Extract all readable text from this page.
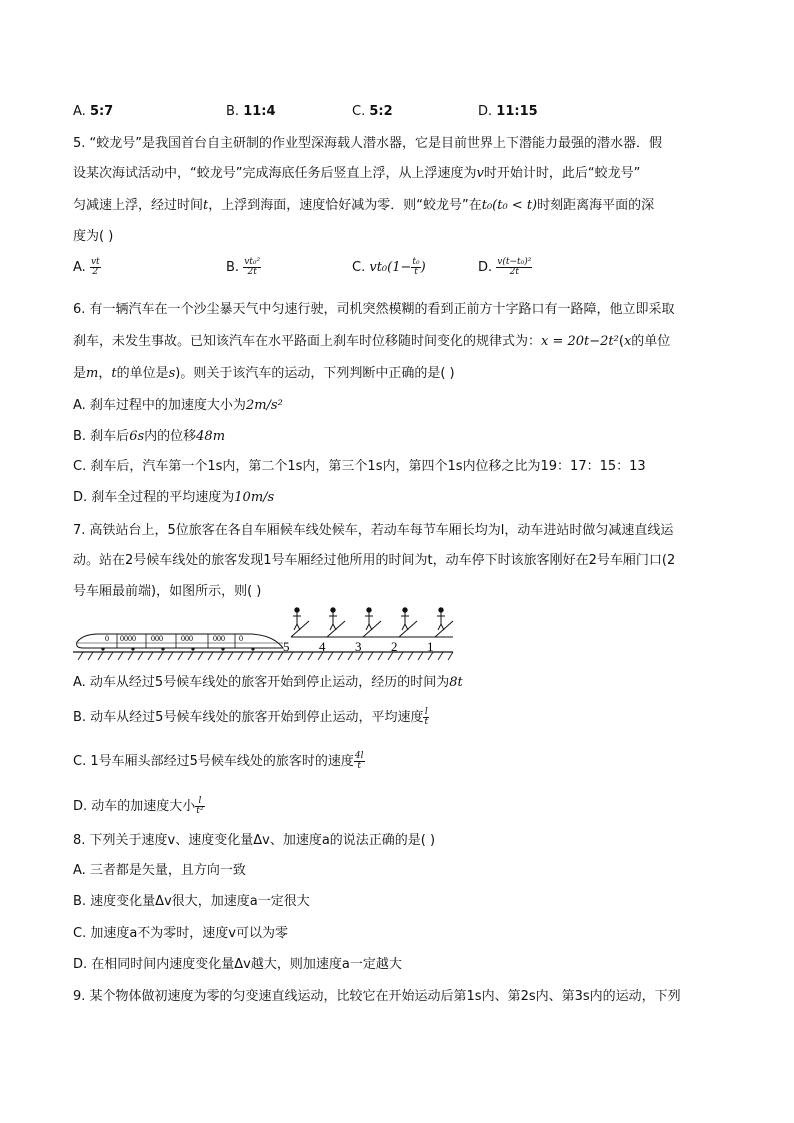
A. 5:7	B. 11:4	C. 5:2	D. 11:15
5. “蛟龙号”是我国首台自主研制的作业型深海载人潜水器，它是目前世界上下潜能力最强的潜水器．假
设某次海试活动中，“蛟龙号”完成海底任务后竖直上浮，从上浮速度为v时开始计时，此后“蛟龙号”
匀减速上浮，经过时间t，上浮到海面，速度恰好减为零．则“蛟龙号”在t₀(t₀ < t)时刻距离海平面的深
度为( )
A. $\frac{vt}{2}$	B. $\frac{\text{vt₀²}}{2t}$	C. $vt_0(1- \frac{\text{t₀}}{t}$ )	D. $\frac{\text{v(t−t₀)²}}{2t}$
6. 有一辆汽车在一个沙尘暴天气中匀速行驶，司机突然模糊的看到正前方十字路口有一路障，他立即采取
刹车，未发生事故。已知该汽车在水平路面上刹车时位移随时间变化的规律式为：x = 20t−2t²(x的单位
是m，t的单位是s)。则关于该汽车的运动，下列判断中正确的是( )
A. 刹车过程中的加速度大小为2m/s²
B. 刹车后6s内的位移48m
C. 刹车后，汽车第一个1s内，第二个1s内，第三个1s内，第四个1s内位移之比为19：17：15：13
D. 刹车全过程的平均速度为10m/s
7. 高铁站台上，5位旅客在各自车厢候车线处候车，若动车每节车厢长均为l，动车进站时做匀减速直线运
动。站在2号候车线处的旅客发现1号车厢经过他所用的时间为t，动车停下时该旅客刚好在2号车厢门口(2
号车厢最前端)，如图所示，则( )
0 0000 000 000	000 0
5 4 3 2 1
A. 动车从经过5号候车线处的旅客开始到停止运动，经历的时间为8t
B. 动车从经过5号候车线处的旅客开始到停止运动，平均速度 $\frac{l}{t}$
C. 1号车厢头部经过5号候车线处的旅客时的速度 $\frac{4l}{t}$
D. 动车的加速度大小 $\frac{l}{\text{t²}}$
8. 下列关于速度v、速度变化量Δv、加速度a的说法正确的是( )
A. 三者都是矢量，且方向一致
B. 速度变化量Δv很大，加速度a一定很大
C. 加速度a不为零时，速度v可以为零
D. 在相同时间内速度变化量Δv越大，则加速度a一定越大
9. 某个物体做初速度为零的匀变速直线运动，比较它在开始运动后第1s内、第2s内、第3s内的运动，下列
